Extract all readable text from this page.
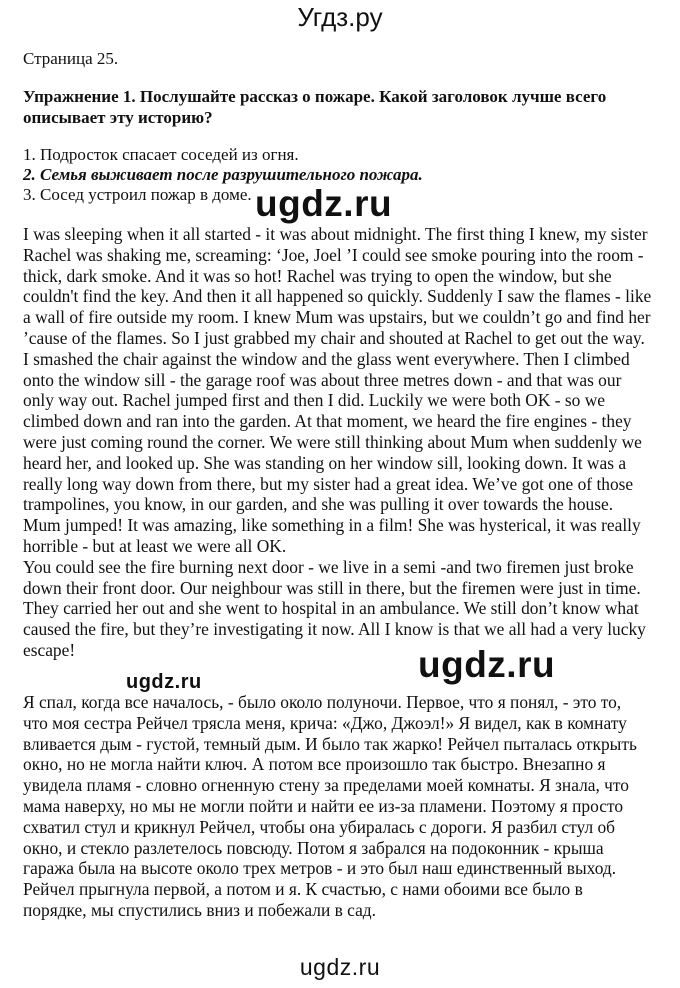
Угдз.ру
Страница 25.
Упражнение 1. Послушайте рассказ о пожаре. Какой заголовок лучше всего описывает эту историю?
1. Подросток спасает соседей из огня.
2. Семья выживает после разрушительного пожара.
3. Сосед устроил пожар в доме.

I was sleeping when it all started - it was about midnight. The first thing I knew, my sister Rachel was shaking me, screaming: ‘Joe, Joel ’I could see smoke pouring into the room - thick, dark smoke. And it was so hot! Rachel was trying to open the window, but she couldn't find the key. And then it all happened so quickly. Suddenly I saw the flames - like a wall of fire outside my room. I knew Mum was upstairs, but we couldn’t go and find her ’cause of the flames. So I just grabbed my chair and shouted at Rachel to get out the way. I smashed the chair against the window and the glass went everywhere. Then I climbed onto the window sill - the garage roof was about three metres down - and that was our only way out. Rachel jumped first and then I did. Luckily we were both OK - so we climbed down and ran into the garden. At that moment, we heard the fire engines - they were just coming round the corner. We were still thinking about Mum when suddenly we heard her, and looked up. She was standing on her window sill, looking down. It was a really long way down from there, but my sister had a great idea. We’ve got one of those trampolines, you know, in our garden, and she was pulling it over towards the house. Mum jumped! It was amazing, like something in a film! She was hysterical, it was really horrible - but at least we were all OK.

You could see the fire burning next door - we live in a semi -and two firemen just broke down their front door. Our neighbour was still in there, but the firemen were just in time. They carried her out and she went to hospital in an ambulance. We still don’t know what caused the fire, but they’re investigating it now. All I know is that we all had a very lucky escape!

Я спал, когда все началось, - было около полуночи. Первое, что я понял, - это то, что моя сестра Рейчел трясла меня, крича: «Джо, Джоэл!» Я видел, как в комнату вливается дым - густой, темный дым. И было так жарко! Рейчел пыталась открыть окно, но не могла найти ключ. А потом все произошло так быстро. Внезапно я увидела пламя - словно огненную стену за пределами моей комнаты. Я знала, что мама наверху, но мы не могли пойти и найти ее из-за пламени. Поэтому я просто схватил стул и крикнул Рейчел, чтобы она убиралась с дороги. Я разбил стул об окно, и стекло разлетелось повсюду. Потом я забрался на подоконник - крыша гаража была на высоте около трех метров - и это был наш единственный выход. Рейчел прыгнула первой, а потом и я. К счастью, с нами обоими все было в порядке, мы спустились вниз и побежали в сад.
ugdz.ru
ugdz.ru
ugdz.ru
ugdz.ru
